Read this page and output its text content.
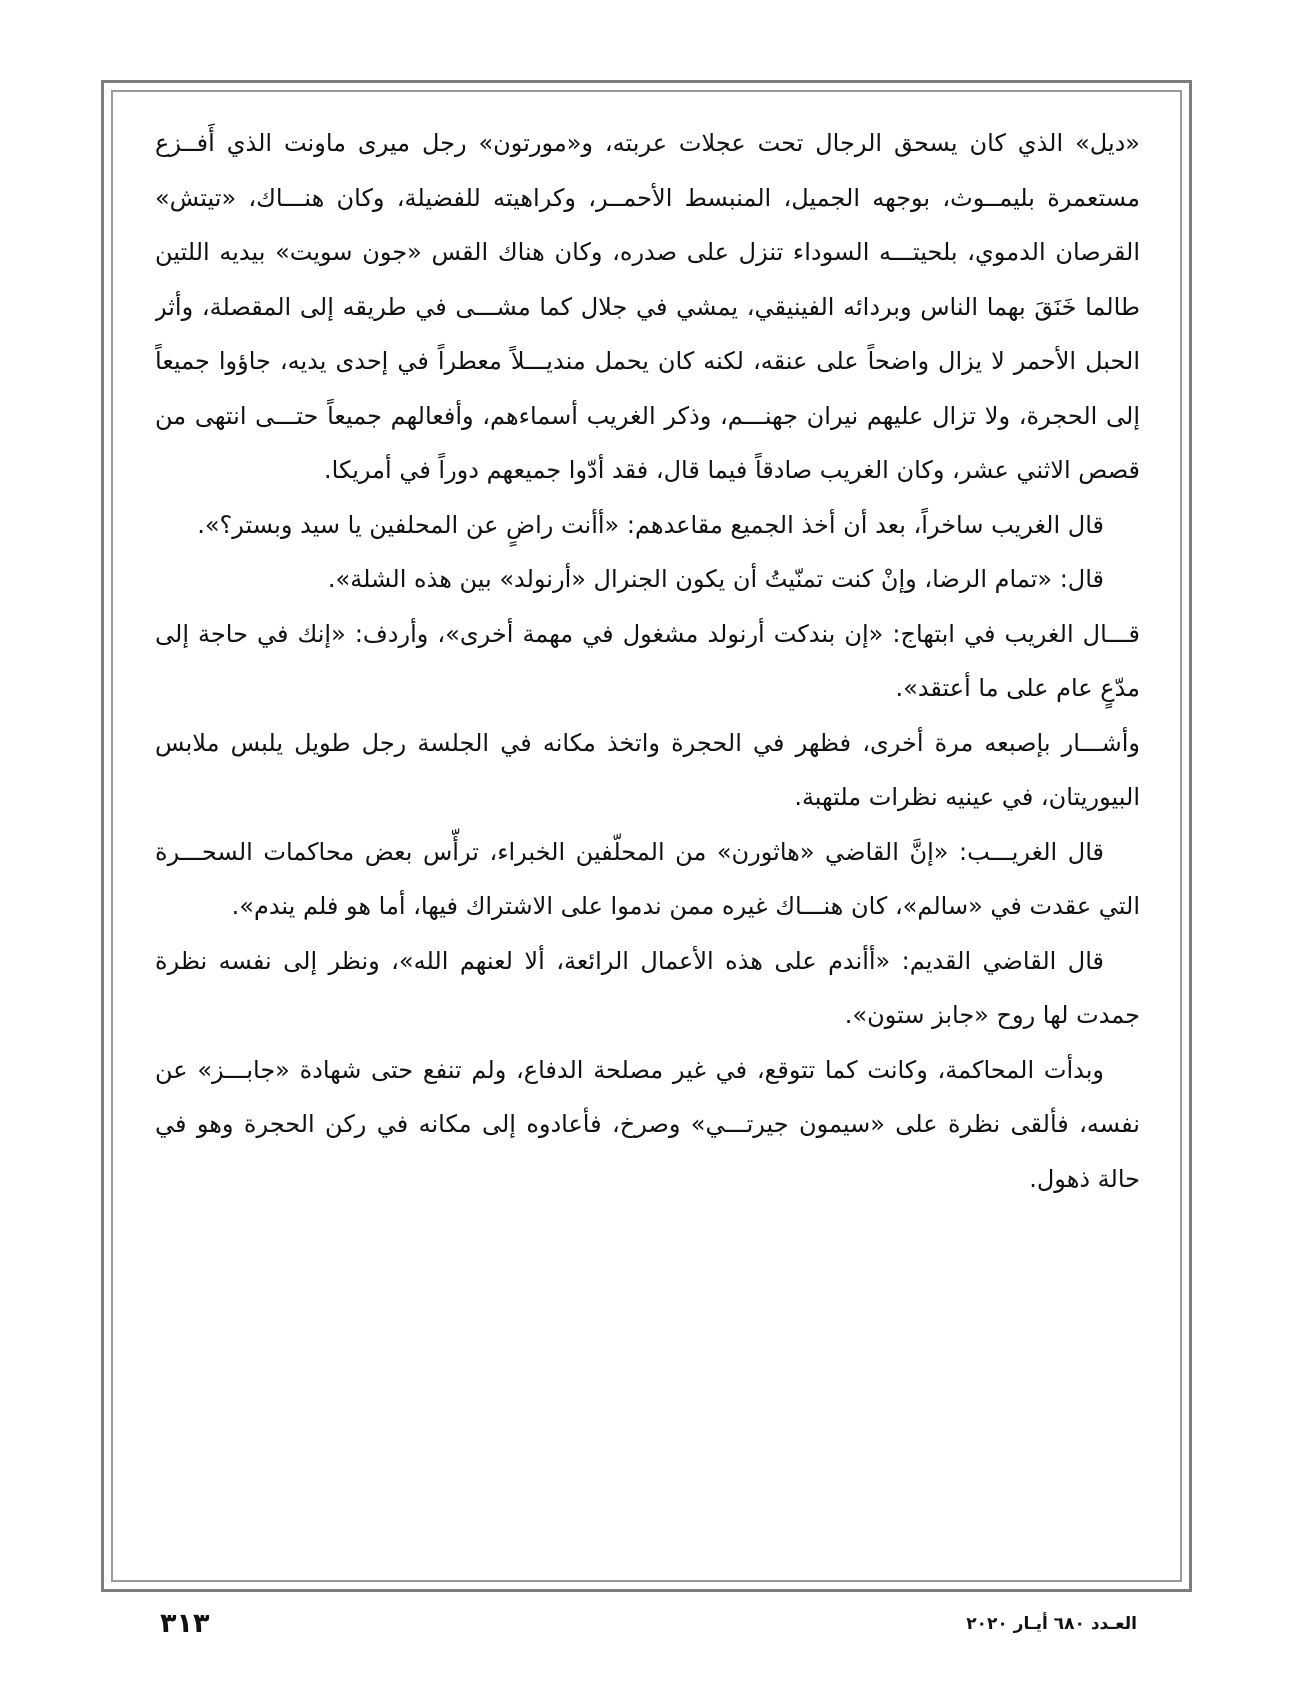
«ديل» الذي كان يسحق الرجال تحت عجلات عربته، و«مورتون» رجل ميرى ماونت الذي أَفــزع مستعمرة بليمــوث، بوجهه الجميل، المنبسط الأحمــر، وكراهيته للفضيلة، وكان هنـــاك، «تيتش» القرصان الدموي، بلحيتـــه السوداء تنزل على صدره، وكان هناك القس «جون سويت» بيديه اللتين طالما خَنَقَ بهما الناس وبردائه الفينيقي، يمشي في جلال كما مشـــى في طريقه إلى المقصلة، وأثر الحبل الأحمر لا يزال واضحاً على عنقه، لكنه كان يحمل منديـــلاً معطراً في إحدى يديه، جاؤوا جميعاً إلى الحجرة، ولا تزال عليهم نيران جهنـــم، وذكر الغريب أسماءهم، وأفعالهم جميعاً حتـــى انتهى من قصص الاثني عشر، وكان الغريب صادقاً فيما قال، فقد أدّوا جميعهم دوراً في أمريكا.

قال الغريب ساخراً، بعد أن أخذ الجميع مقاعدهم: «أأنت راضٍ عن المحلفين يا سيد وبستر؟».

قال: «تمام الرضا، وإنْ كنت تمنّيتُ أن يكون الجنرال «أرنولد» بين هذه الشلة».

قـــال الغريب في ابتهاج: «إن بندكت أرنولد مشغول في مهمة أخرى»، وأردف: «إنك في حاجة إلى مدّعٍ عام على ما أعتقد».

وأشـــار بإصبعه مرة أخرى، فظهر في الحجرة واتخذ مكانه في الجلسة رجل طويل يلبس ملابس البيوريتان، في عينيه نظرات ملتهبة.

قال الغريـــب: «إنَّ القاضي «هاثورن» من المحلّفين الخبراء، ترأّس بعض محاكمات السحـــرة التي عقدت في «سالم»، كان هنـــاك غيره ممن ندموا على الاشتراك فيها، أما هو فلم يندم».

قال القاضي القديم: «أأندم على هذه الأعمال الرائعة، ألا لعنهم الله»، ونظر إلى نفسه نظرة جمدت لها روح «جابز ستون».

وبدأت المحاكمة، وكانت كما تتوقع، في غير مصلحة الدفاع، ولم تنفع حتى شهادة «جابـــز» عن نفسه، فألقى نظرة على «سيمون جيرتـــي» وصرخ، فأعادوه إلى مكانه في ركن الحجرة وهو في حالة ذهول.

٣١٣	العـدد ٦٨٠ أيـار ٢٠٢٠
